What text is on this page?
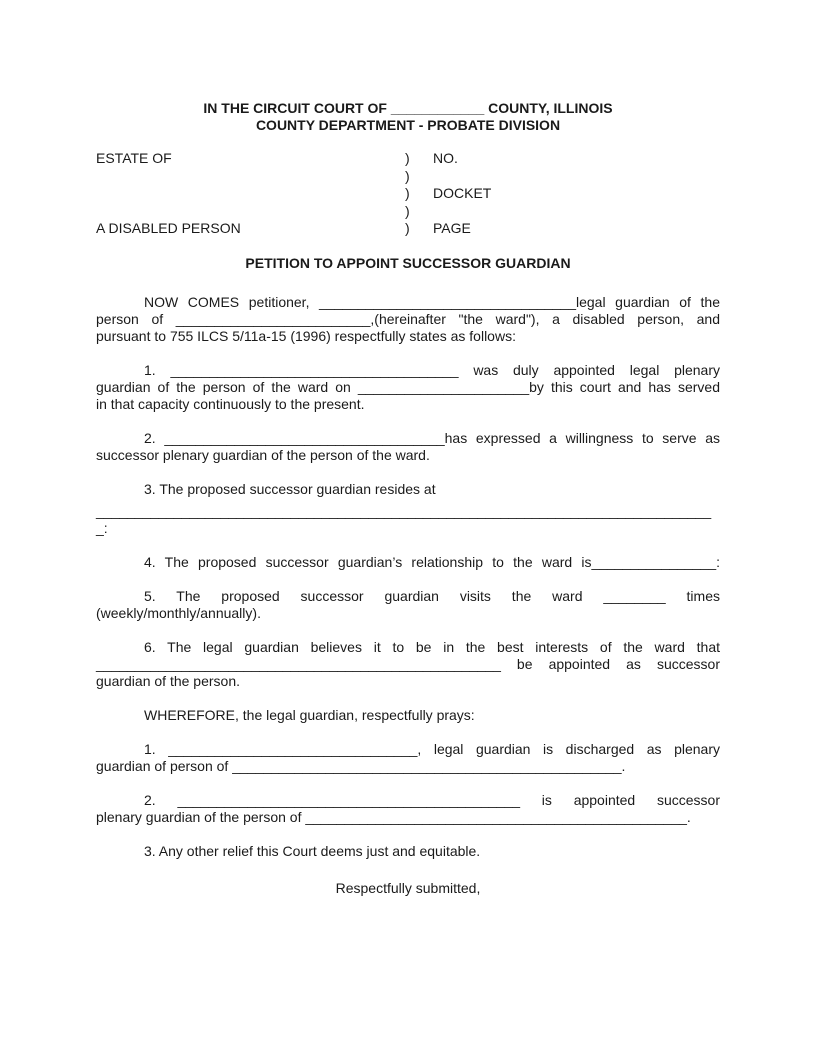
IN THE CIRCUIT COURT OF ____________ COUNTY, ILLINOIS
COUNTY DEPARTMENT - PROBATE DIVISION
ESTATE OF	)	NO.
)
)	DOCKET
)
A DISABLED PERSON	)	PAGE
PETITION TO APPOINT SUCCESSOR GUARDIAN
NOW COMES petitioner, _________________________________legal guardian of the
person of _________________________,(hereinafter "the ward"), a disabled person, and
pursuant to 755 ILCS 5/11a-15 (1996) respectfully states as follows:
1. _____________________________________ was duly appointed legal plenary
guardian of the person of the ward on ______________________by this court and has served
in that capacity continuously to the present.
2. ____________________________________has expressed a willingness to serve as
successor plenary guardian of the person of the ward.
3. The proposed successor guardian resides at
_______________________________________________________________________________
_:
4. The proposed successor guardian’s relationship to the ward is________________:
5. The proposed successor guardian visits the ward ________ times
(weekly/monthly/annually).
6. The legal guardian believes it to be in the best interests of the ward that
____________________________________________________ be appointed as successor
guardian of the person.
WHEREFORE, the legal guardian, respectfully prays:
1. ________________________________, legal guardian is discharged as plenary
guardian of person of __________________________________________________.
2. ____________________________________________ is appointed successor
plenary guardian of the person of _________________________________________________.
3. Any other relief this Court deems just and equitable.
Respectfully submitted,
